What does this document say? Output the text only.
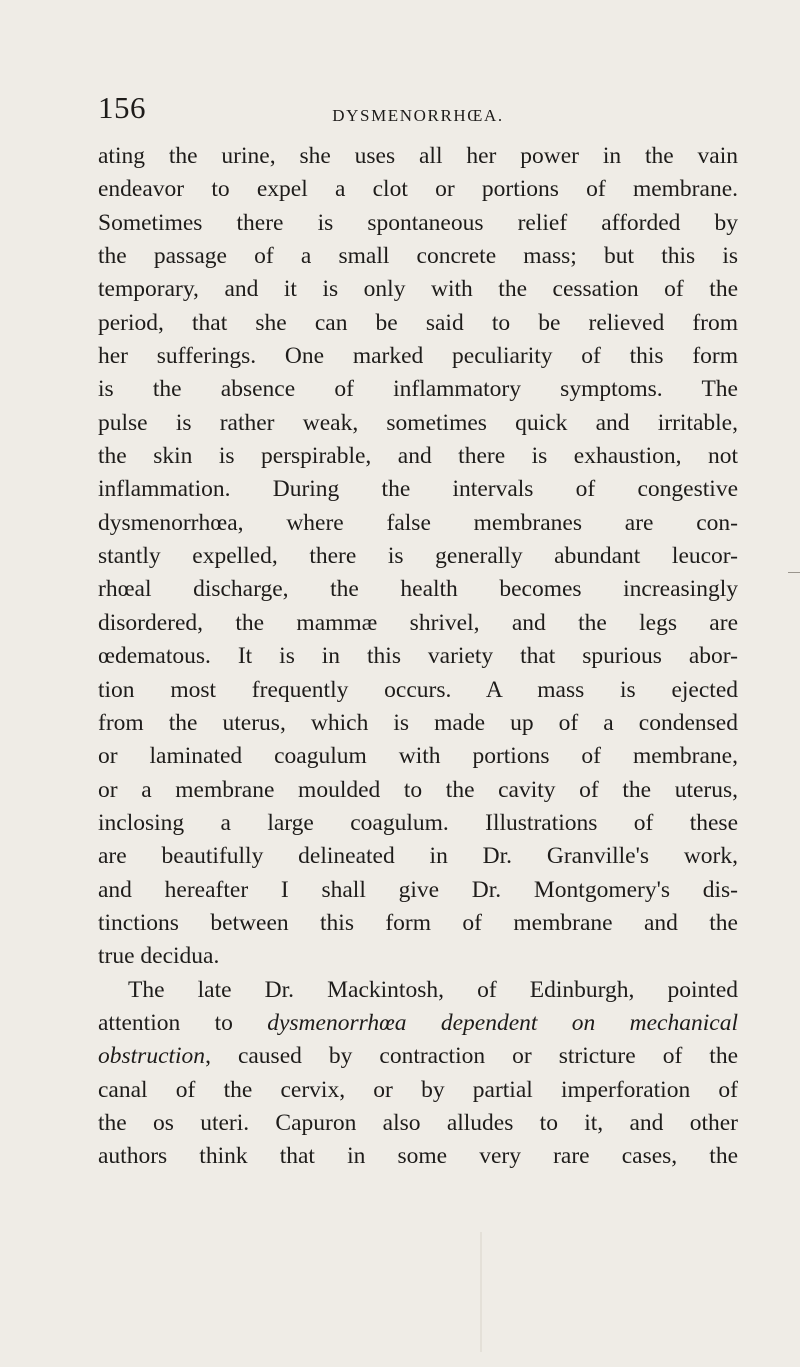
156	DYSMENORRHŒA.
ating the urine, she uses all her power in the vain
endeavor to expel a clot or portions of membrane.
Sometimes there is spontaneous relief afforded by
the passage of a small concrete mass; but this is
temporary, and it is only with the cessation of the
period, that she can be said to be relieved from
her sufferings. One marked peculiarity of this form
is the absence of inflammatory symptoms. The
pulse is rather weak, sometimes quick and irritable,
the skin is perspirable, and there is exhaustion, not
inflammation. During the intervals of congestive
dysmenorrhœa, where false membranes are con-
stantly expelled, there is generally abundant leucor-
rhœal discharge, the health becomes increasingly
disordered, the mammæ shrivel, and the legs are
œdematous. It is in this variety that spurious abor-
tion most frequently occurs. A mass is ejected
from the uterus, which is made up of a condensed
or laminated coagulum with portions of membrane,
or a membrane moulded to the cavity of the uterus,
inclosing a large coagulum. Illustrations of these
are beautifully delineated in Dr. Granville's work,
and hereafter I shall give Dr. Montgomery's dis-
tinctions between this form of membrane and the
true decidua.
The late Dr. Mackintosh, of Edinburgh, pointed
attention to dysmenorrhœa dependent on mechanical
obstruction, caused by contraction or stricture of the
canal of the cervix, or by partial imperforation of
the os uteri. Capuron also alludes to it, and other
authors think that in some very rare cases, the
